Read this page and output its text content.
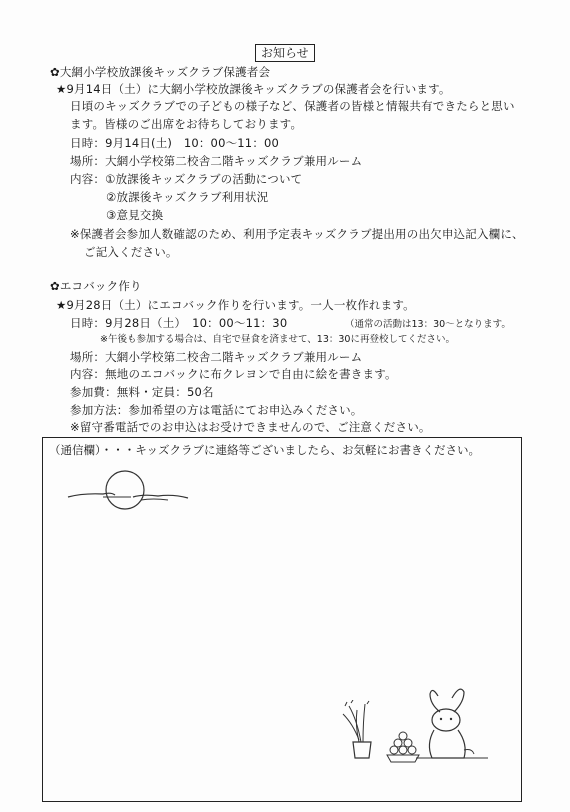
お知らせ
✿大網小学校放課後キッズクラブ保護者会
★9月14日（土）に大網小学校放課後キッズクラブの保護者会を行います。
日頃のキッズクラブでの子どもの様子など、保護者の皆様と情報共有できたらと思い
ます。皆様のご出席をお待ちしております。
日時：9月14日(土)　10：00～11：00
場所：大網小学校第二校舎二階キッズクラブ兼用ルーム
内容：①放課後キッズクラブの活動について
②放課後キッズクラブ利用状況
③意見交換
※保護者会参加人数確認のため、利用予定表キッズクラブ提出用の出欠申込記入欄に、
ご記入ください。
✿エコバック作り
★9月28日（土）にエコバック作りを行います。一人一枚作れます。
日時：9月28日（土）　10：00～11：30	（通常の活動は13：30～となります。
※午後も参加する場合は、自宅で昼食を済ませて、13：30に再登校してください。
場所：大網小学校第二校舎二階キッズクラブ兼用ルーム
内容：無地のエコバックに布クレヨンで自由に絵を書きます。
参加費：無料・定員：50名
参加方法：参加希望の方は電話にてお申込みください。
※留守番電話でのお申込はお受けできませんので、ご注意ください。
（通信欄）・・・キッズクラブに連絡等ございましたら、お気軽にお書きください。
